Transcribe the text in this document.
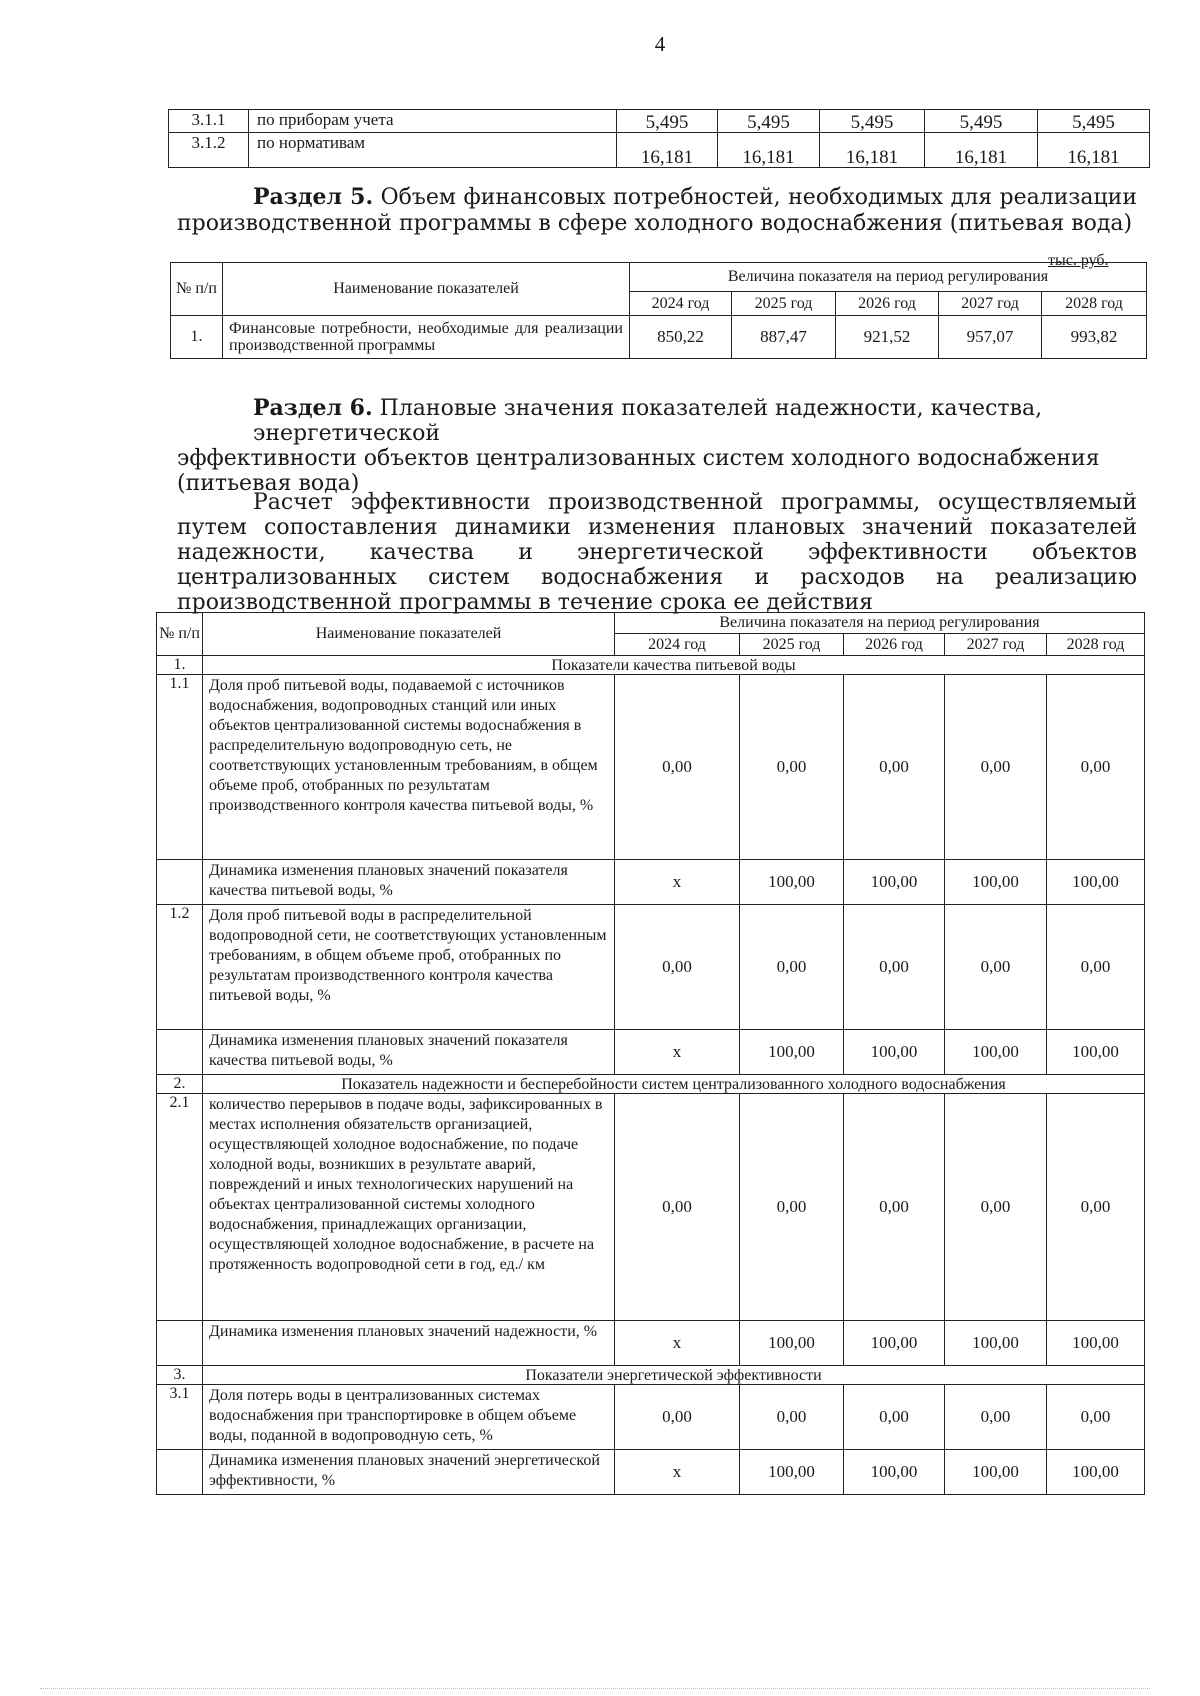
4
3.1.1	по приборам учета	5,495	5,495	5,495	5,495	5,495
3.1.2	по нормативам	16,181	16,181	16,181	16,181	16,181
Раздел 5. Объем финансовых потребностей, необходимых для реализации
производственной программы в сфере холодного водоснабжения (питьевая вода)
тыс. руб.
№ п/п	Наименование показателей	Величина показателя на период регулирования				
		2024 год	2025 год	2026 год	2027 год	2028 год
1.	Финансовые потребности, необходимые для реализации производственной программы	850,22	887,47	921,52	957,07	993,82
Раздел 6. Плановые значения показателей надежности, качества, энергетической
эффективности объектов централизованных систем холодного водоснабжения (питьевая вода)
Расчет эффективности производственной программы, осуществляемый путем сопоставления динамики изменения плановых значений показателей надежности, качества и энергетической эффективности объектов централизованных систем водоснабжения и расходов на реализацию производственной программы в течение срока ее действия
№ п/п	Наименование показателей	Величина показателя на период регулирования				
		2024 год	2025 год	2026 год	2027 год	2028 год
1.	Показатели качества питьевой воды					
1.1	Доля проб питьевой воды, подаваемой с источников водоснабжения, водопроводных станций или иных объектов централизованной системы водоснабжения в распределительную водопроводную сеть, не соответствующих установленным требованиям, в общем объеме проб, отобранных по результатам производственного контроля качества питьевой воды, %	0,00	0,00	0,00	0,00	0,00
	Динамика изменения плановых значений показателя качества питьевой воды, %	х	100,00	100,00	100,00	100,00
1.2	Доля проб питьевой воды в распределительной водопроводной сети, не соответствующих установленным требованиям, в общем объеме проб, отобранных по результатам производственного контроля качества питьевой воды, %	0,00	0,00	0,00	0,00	0,00
	Динамика изменения плановых значений показателя качества питьевой воды, %	х	100,00	100,00	100,00	100,00
2.	Показатель надежности и бесперебойности систем централизованного холодного водоснабжения					
2.1	количество перерывов в подаче воды, зафиксированных в местах исполнения обязательств организацией, осуществляющей холодное водоснабжение, по подаче холодной воды, возникших в результате аварий, повреждений и иных технологических нарушений на объектах централизованной системы холодного водоснабжения, принадлежащих организации, осуществляющей холодное водоснабжение, в расчете на протяженность водопроводной сети в год, ед./ км	0,00	0,00	0,00	0,00	0,00
	Динамика изменения плановых значений надежности, %	х	100,00	100,00	100,00	100,00
3.	Показатели энергетической эффективности					
3.1	Доля потерь воды в централизованных системах водоснабжения при транспортировке в общем объеме воды, поданной в водопроводную сеть, %	0,00	0,00	0,00	0,00	0,00
	Динамика изменения плановых значений энергетической эффективности, %	х	100,00	100,00	100,00	100,00
